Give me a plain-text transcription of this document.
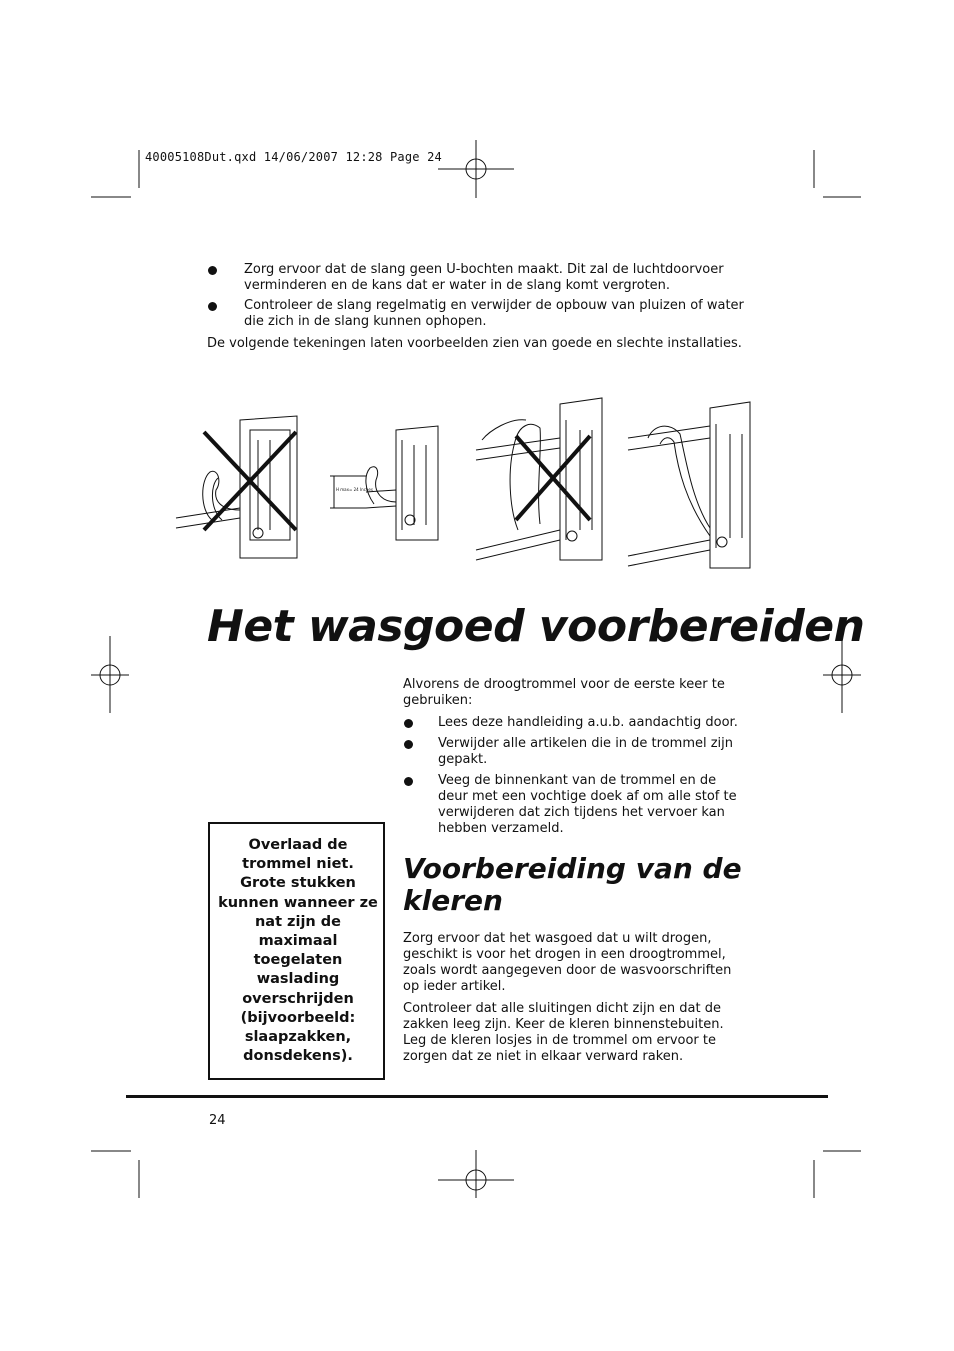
40005108Dut.qxd 14/06/2007 12:28 Page 24
Zorg ervoor dat de slang geen U-bochten maakt. Dit zal de luchtdoorvoer verminderen en de kans dat er water in de slang komt vergroten.
Controleer de slang regelmatig en verwijder de opbouw van pluizen of water die zich in de slang kunnen ophopen.
De volgende tekeningen laten voorbeelden zien van goede en slechte installaties.
H max= 24 Inches
Het wasgoed voorbereiden

Alvorens de droogtrommel voor de eerste keer te gebruiken:

Lees deze handleiding a.u.b. aandachtig door.
Verwijder alle artikelen die in de trommel zijn gepakt.
Veeg de binnenkant van de trommel en de deur met een vochtige doek af om alle stof te verwijderen dat zich tijdens het vervoer kan hebben verzameld.
Voorbereiding van de kleren

Zorg ervoor dat het wasgoed dat u wilt drogen, geschikt is voor het drogen in een droogtrommel, zoals wordt aangegeven door de wasvoorschriften op ieder artikel.

Controleer dat alle sluitingen dicht zijn en dat de zakken leeg zijn. Keer de kleren binnenstebuiten. Leg de kleren losjes in de trommel om ervoor te zorgen dat ze niet in elkaar verward raken.

Overlaad de trommel niet. Grote stukken kunnen wanneer ze nat zijn de maximaal toegelaten waslading overschrijden (bijvoorbeeld: slaapzakken, donsdekens).
24
